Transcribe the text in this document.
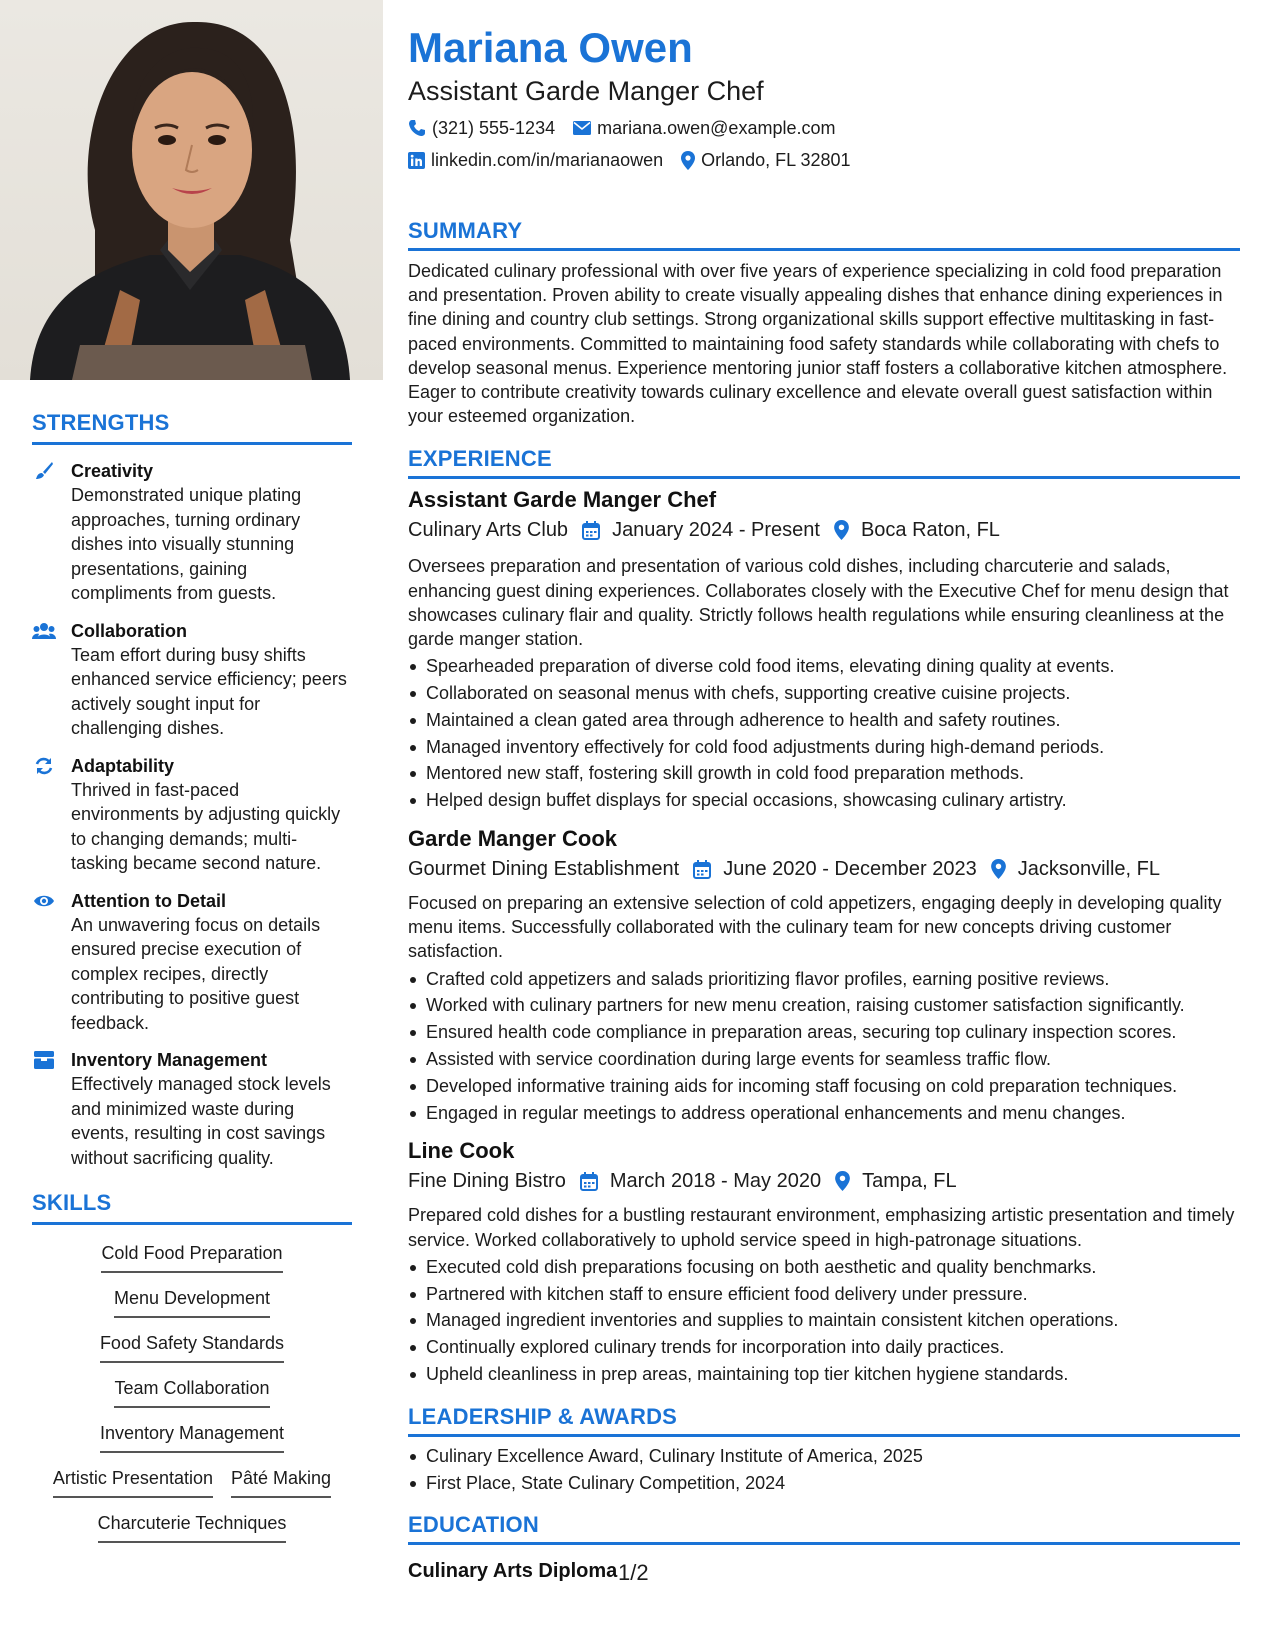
STRENGTHS
Creativity
Demonstrated unique plating approaches, turning ordinary dishes into visually stunning presentations, gaining compliments from guests.
Collaboration
Team effort during busy shifts enhanced service efficiency; peers actively sought input for challenging dishes.
Adaptability
Thrived in fast-paced environments by adjusting quickly to changing demands; multi-tasking became second nature.
Attention to Detail
An unwavering focus on details ensured precise execution of complex recipes, directly contributing to positive guest feedback.
Inventory Management
Effectively managed stock levels and minimized waste during events, resulting in cost savings without sacrificing quality.
SKILLS
Cold Food Preparation
Menu Development
Food Safety Standards
Team Collaboration
Inventory Management
Artistic Presentation Pâté Making
Charcuterie Techniques
Mariana Owen
Assistant Garde Manger Chef
(321) 555-1234 mariana.owen@example.com
linkedin.com/in/marianaowen Orlando, FL 32801
SUMMARY

Dedicated culinary professional with over five years of experience specializing in cold food preparation and presentation. Proven ability to create visually appealing dishes that enhance dining experiences in fine dining and country club settings. Strong organizational skills support effective multitasking in fast-paced environments. Committed to maintaining food safety standards while collaborating with chefs to develop seasonal menus. Experience mentoring junior staff fosters a collaborative kitchen atmosphere. Eager to contribute creativity towards culinary excellence and elevate overall guest satisfaction within your esteemed organization.

EXPERIENCE
Assistant Garde Manger Chef
Culinary Arts Club January 2024 - Present Boca Raton, FL

Oversees preparation and presentation of various cold dishes, including charcuterie and salads, enhancing guest dining experiences. Collaborates closely with the Executive Chef for menu design that showcases culinary flair and quality. Strictly follows health regulations while ensuring cleanliness at the garde manger station.

Spearheaded preparation of diverse cold food items, elevating dining quality at events.
Collaborated on seasonal menus with chefs, supporting creative cuisine projects.
Maintained a clean gated area through adherence to health and safety routines.
Managed inventory effectively for cold food adjustments during high-demand periods.
Mentored new staff, fostering skill growth in cold food preparation methods.
Helped design buffet displays for special occasions, showcasing culinary artistry.
Garde Manger Cook
Gourmet Dining Establishment June 2020 - December 2023 Jacksonville, FL

Focused on preparing an extensive selection of cold appetizers, engaging deeply in developing quality menu items. Successfully collaborated with the culinary team for new concepts driving customer satisfaction.

Crafted cold appetizers and salads prioritizing flavor profiles, earning positive reviews.
Worked with culinary partners for new menu creation, raising customer satisfaction significantly.
Ensured health code compliance in preparation areas, securing top culinary inspection scores.
Assisted with service coordination during large events for seamless traffic flow.
Developed informative training aids for incoming staff focusing on cold preparation techniques.
Engaged in regular meetings to address operational enhancements and menu changes.
Line Cook
Fine Dining Bistro March 2018 - May 2020 Tampa, FL

Prepared cold dishes for a bustling restaurant environment, emphasizing artistic presentation and timely service. Worked collaboratively to uphold service speed in high-patronage situations.

Executed cold dish preparations focusing on both aesthetic and quality benchmarks.
Partnered with kitchen staff to ensure efficient food delivery under pressure.
Managed ingredient inventories and supplies to maintain consistent kitchen operations.
Continually explored culinary trends for incorporation into daily practices.
Upheld cleanliness in prep areas, maintaining top tier kitchen hygiene standards.
LEADERSHIP & AWARDS
Culinary Excellence Award, Culinary Institute of America, 2025
First Place, State Culinary Competition, 2024
EDUCATION
Culinary Arts Diploma 1/2
